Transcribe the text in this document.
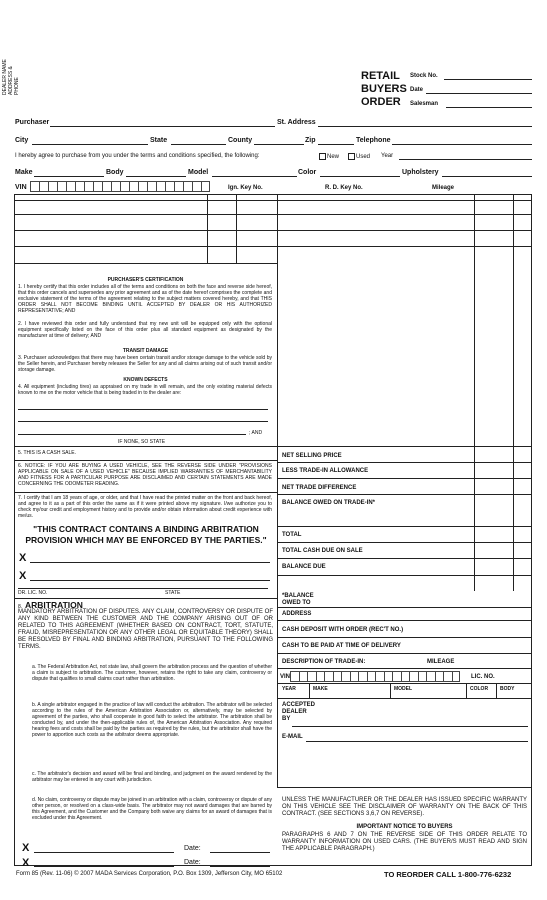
DEALER NAME
ADDRESS &
PHONE
RETAIL
BUYERS
ORDER
Stock No.
Date
Salesman
Purchaser	St. Address
City	State	County	Zip	Telephone
I hereby agree to purchase from you under the terms and conditions specified, the following:	New	Used Year
Make	Body	Model	Color	Upholstery
VIN	Ign. Key No.	R. D. Key No.	Mileage
PURCHASER'S CERTIFICATION
1. I hereby certify that this order includes all of the terms and conditions on both the face and reverse side hereof, that this order cancels and supersedes any prior agreement and as of the date hereof comprises the complete and exclusive statement of the terms of the agreement relating to the subject matters covered hereby, and that THIS ORDER SHALL NOT BECOME BINDING UNTIL ACCEPTED BY DEALER OR HIS AUTHORIZED REPRESENTATIVE; AND
2. I have reviewed this order and fully understand that my new unit will be equipped only with the optional equipment specifically listed on the face of this order plus all standard equipment as designated by the manufacturer at time of delivery; AND
TRANSIT DAMAGE
3. Purchaser acknowledges that there may have been certain transit and/or storage damage to the vehicle sold by the Seller herein, and Purchaser hereby releases the Seller for any and all claims arising out of such transit and/or storage damage.
KNOWN DEFECTS
4. All equipment (including tires) as appraised on my trade in will remain, and the only existing material defects known to me on the motor vehicle that is being traded in to the dealer are:
; AND
IF NONE, SO STATE
5. THIS IS A CASH SALE.
6. NOTICE: IF YOU ARE BUYING A USED VEHICLE, SEE THE REVERSE SIDE UNDER "PROVISIONS APPLICABLE ON SALE OF A USED VEHICLE" BECAUSE IMPLIED WARRANTIES OF MERCHANTABILITY AND FITNESS FOR A PARTICULAR PURPOSE ARE DISCLAIMED AND CERTAIN STATEMENTS ARE MADE CONCERNING THE ODOMETER READING.
7. I certify that I am 18 years of age, or older, and that I have read the printed matter on the front and back hereof, and agree to it as a part of this order the same as if it were printed above my signature. I/we authorize you to check my/our credit and employment history and to provide and/or obtain information about credit experience with me/us.
"THIS CONTRACT CONTAINS A BINDING ARBITRATION PROVISION WHICH MAY BE ENFORCED BY THE PARTIES."
X
X
DR. LIC. NO.	STATE
8. ARBITRATION
MANDATORY ARBITRATION OF DISPUTES. ANY CLAIM, CONTROVERSY OR DISPUTE OF ANY KIND BETWEEN THE CUSTOMER AND THE COMPANY ARISING OUT OF OR RELATED TO THIS AGREEMENT (WHETHER BASED ON CONTRACT, TORT, STATUTE, FRAUD, MISREPRESENTATION OR ANY OTHER LEGAL OR EQUITABLE THEORY) SHALL BE RESOLVED BY FINAL AND BINDING ARBITRATION, PURSUANT TO THE FOLLOWING TERMS.
a. The Federal Arbitration Act, not state law, shall govern the arbitration process and the question of whether a claim is subject to arbitration. The customer, however, retains the right to take any claim, controversy or dispute that qualifies to small claims court rather than arbitration.
b. A single arbitrator engaged in the practice of law will conduct the arbitration. The arbitrator will be selected according to the rules of the American Arbitration Association or, alternatively, may be selected by agreement of the parties, who shall cooperate in good faith to select the arbitrator. The arbitration shall be conducted by, and under the then-applicable rules of, the American Arbitration Association. Any required hearing fees and costs shall be paid by the parties as required by the rules, but the arbitrator shall have the power to apportion such costs as the arbitrator deems appropriate.
c. The arbitrator's decision and award will be final and binding, and judgment on the award rendered by the arbitrator may be entered in any court with jurisdiction.
d. No claim, controversy or dispute may be joined in an arbitration with a claim, controversy or dispute of any other person, or resolved on a class-wide basis. The arbitrator may not award damages that are barred by this Agreement, and the Customer and the Company both waive any claims for an award of damages that is excluded under this Agreement.
X	Date:
X	Date:
NET SELLING PRICE
LESS TRADE-IN ALLOWANCE
NET TRADE DIFFERENCE
BALANCE OWED ON TRADE-IN*
TOTAL
TOTAL CASH DUE ON SALE
BALANCE DUE
*BALANCE OWED TO
ADDRESS
CASH DEPOSIT WITH ORDER (REC'T NO.)
CASH TO BE PAID AT TIME OF DELIVERY
DESCRIPTION OF TRADE-IN:	MILEAGE
VIN	LIC. NO.
YEAR	MAKE	MODEL	COLOR BODY
ACCEPTED
DEALER
BY
E-MAIL
UNLESS THE MANUFACTURER OR THE DEALER HAS ISSUED SPECIFIC WARRANTY ON THIS VEHICLE SEE THE DISCLAIMER OF WARRANTY ON THE BACK OF THIS CONTRACT. (SEE SECTIONS 3,6,7 ON REVERSE).
IMPORTANT NOTICE TO BUYERS
PARAGRAPHS 6 AND 7 ON THE REVERSE SIDE OF THIS ORDER RELATE TO WARRANTY INFORMATION ON USED CARS. (THE BUYER/S MUST READ AND SIGN THE APPLICABLE PARAGRAPH.)
Form 85 (Rev. 11-06) © 2007 MADA Services Corporation, P.O. Box 1309, Jefferson City, MO 65102	TO REORDER CALL 1-800-776-6232
